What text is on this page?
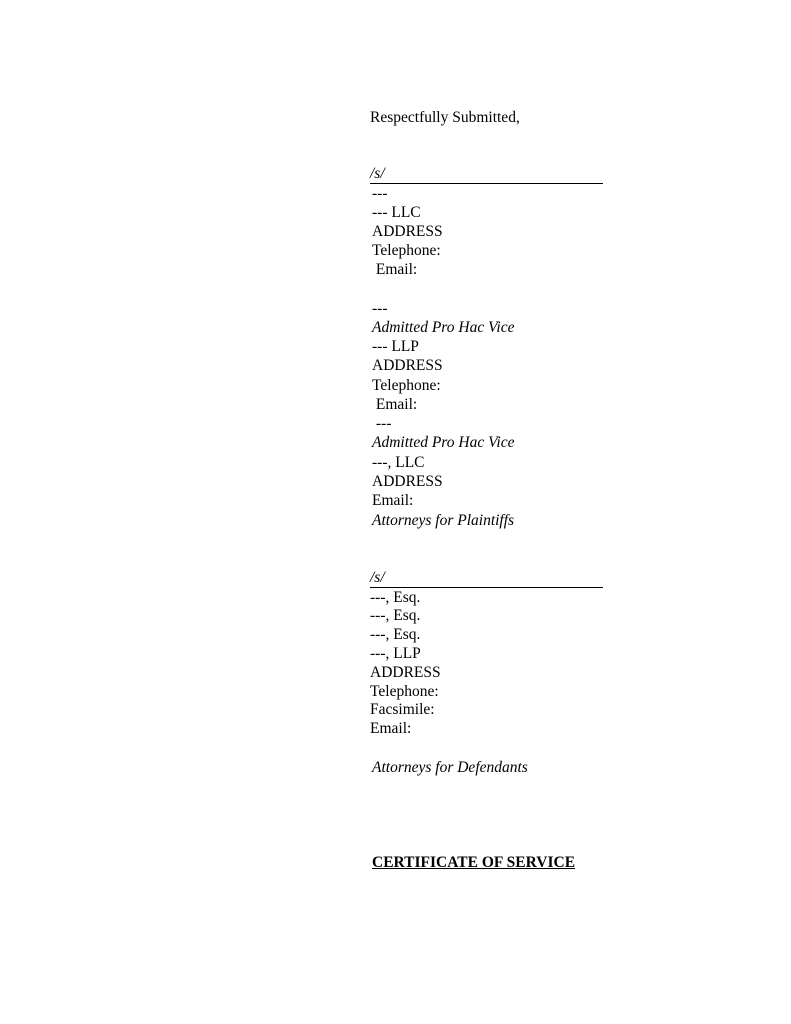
Respectfully Submitted,
/s/
---
--- LLC
ADDRESS
Telephone:
Email:
---
Admitted Pro Hac Vice
--- LLP
ADDRESS
Telephone:
Email:
---
Admitted Pro Hac Vice
---, LLC
ADDRESS
Email:
Attorneys for Plaintiffs
/s/
---, Esq.
---, Esq.
---, Esq.
---, LLP
ADDRESS
Telephone:
Facsimile:
Email:
Attorneys for Defendants
CERTIFICATE OF SERVICE
